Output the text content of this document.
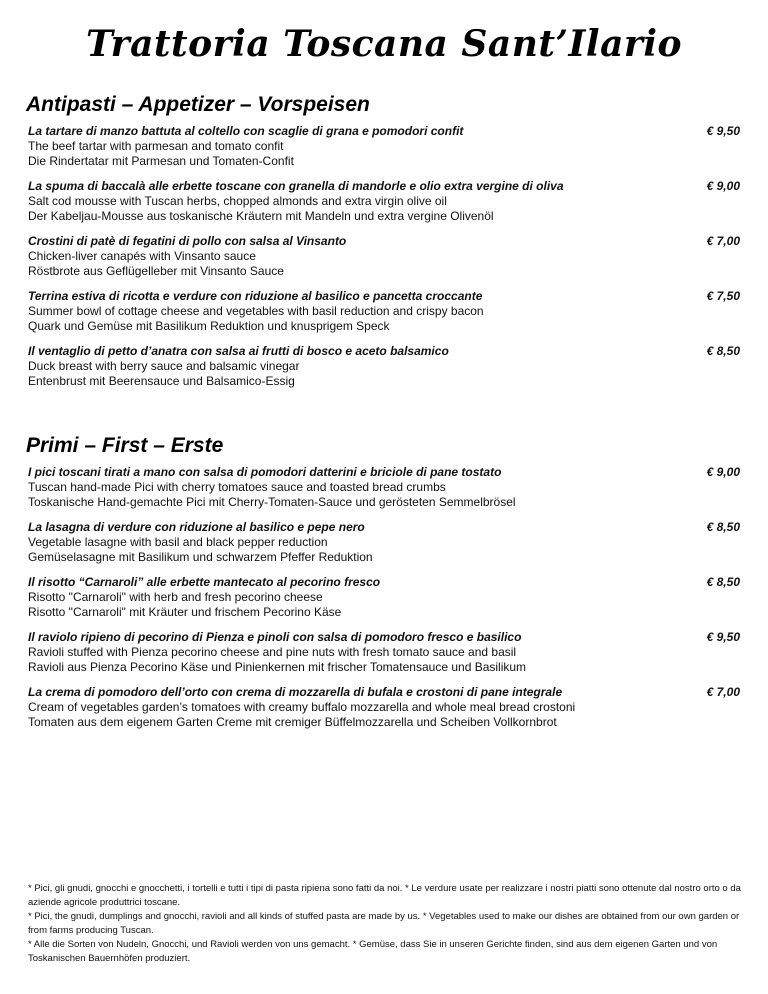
Trattoria Toscana Sant’Ilario
Antipasti – Appetizer – Vorspeisen
La tartare di manzo battuta al coltello con scaglie di grana e pomodori confit
The beef tartar with parmesan and tomato confit
Die Rindertatar mit Parmesan und Tomaten-Confit
€ 9,50
La spuma di baccalà alle erbette toscane con granella di mandorle e olio extra vergine di oliva
Salt cod mousse with Tuscan herbs, chopped almonds and extra virgin olive oil
Der Kabeljau-Mousse aus toskanische Kräutern mit Mandeln und extra vergine Olivenöl
€ 9,00
Crostini di patè di fegatini di pollo con salsa al Vinsanto
Chicken-liver canapés with Vinsanto sauce
Röstbrote aus Geflügelleber mit Vinsanto Sauce
€ 7,00
Terrina estiva di ricotta e verdure con riduzione al basilico e pancetta croccante
Summer bowl of cottage cheese and vegetables with basil reduction and crispy bacon
Quark und Gemüse mit Basilikum Reduktion und knusprigem Speck
€ 7,50
Il ventaglio di petto d’anatra con salsa ai frutti di bosco e aceto balsamico
Duck breast with berry sauce and balsamic vinegar
Entenbrust mit Beerensauce und Balsamico-Essig
€ 8,50
Primi – First – Erste
I pici toscani tirati a mano con salsa di pomodori datterini e briciole di pane tostato
Tuscan hand-made Pici with cherry tomatoes sauce and toasted bread crumbs
Toskanische Hand-gemachte Pici mit Cherry-Tomaten-Sauce und gerösteten Semmelbrösel
€ 9,00
La lasagna di verdure con riduzione al basilico e pepe nero
Vegetable lasagne with basil and black pepper reduction
Gemüselasagne mit Basilikum und schwarzem Pfeffer Reduktion
€ 8,50
Il risotto “Carnaroli” alle erbette mantecato al pecorino fresco
Risotto "Carnaroli" with herb and fresh pecorino cheese
Risotto "Carnaroli" mit Kräuter und frischem Pecorino Käse
€ 8,50
Il raviolo ripieno di pecorino di Pienza e pinoli con salsa di pomodoro fresco e basilico
Ravioli stuffed with Pienza pecorino cheese and pine nuts with fresh tomato sauce and basil
Ravioli aus Pienza Pecorino Käse und Pinienkernen mit frischer Tomatensauce und Basilikum
€ 9,50
La crema di pomodoro dell’orto con crema di mozzarella di bufala e crostoni di pane integrale
Cream of vegetables garden’s tomatoes with creamy buffalo mozzarella and whole meal bread crostoni
Tomaten aus dem eigenem Garten Creme mit cremiger Büffelmozzarella und Scheiben Vollkornbrot
€ 7,00

* Pici, gli gnudi, gnocchi e gnocchetti, i tortelli e tutti i tipi di pasta ripiena sono fatti da noi. * Le verdure usate per realizzare i nostri piatti sono ottenute dal nostro orto o da aziende agricole produttrici toscane.

* Pici, the gnudi, dumplings and gnocchi, ravioli and all kinds of stuffed pasta are made by us. * Vegetables used to make our dishes are obtained from our own garden or from farms producing Tuscan.

* Alle die Sorten von Nudeln, Gnocchi, und Ravioli werden von uns gemacht. * Gemüse, dass Sie in unseren Gerichte finden, sind aus dem eigenen Garten und von Toskanischen Bauernhöfen produziert.
